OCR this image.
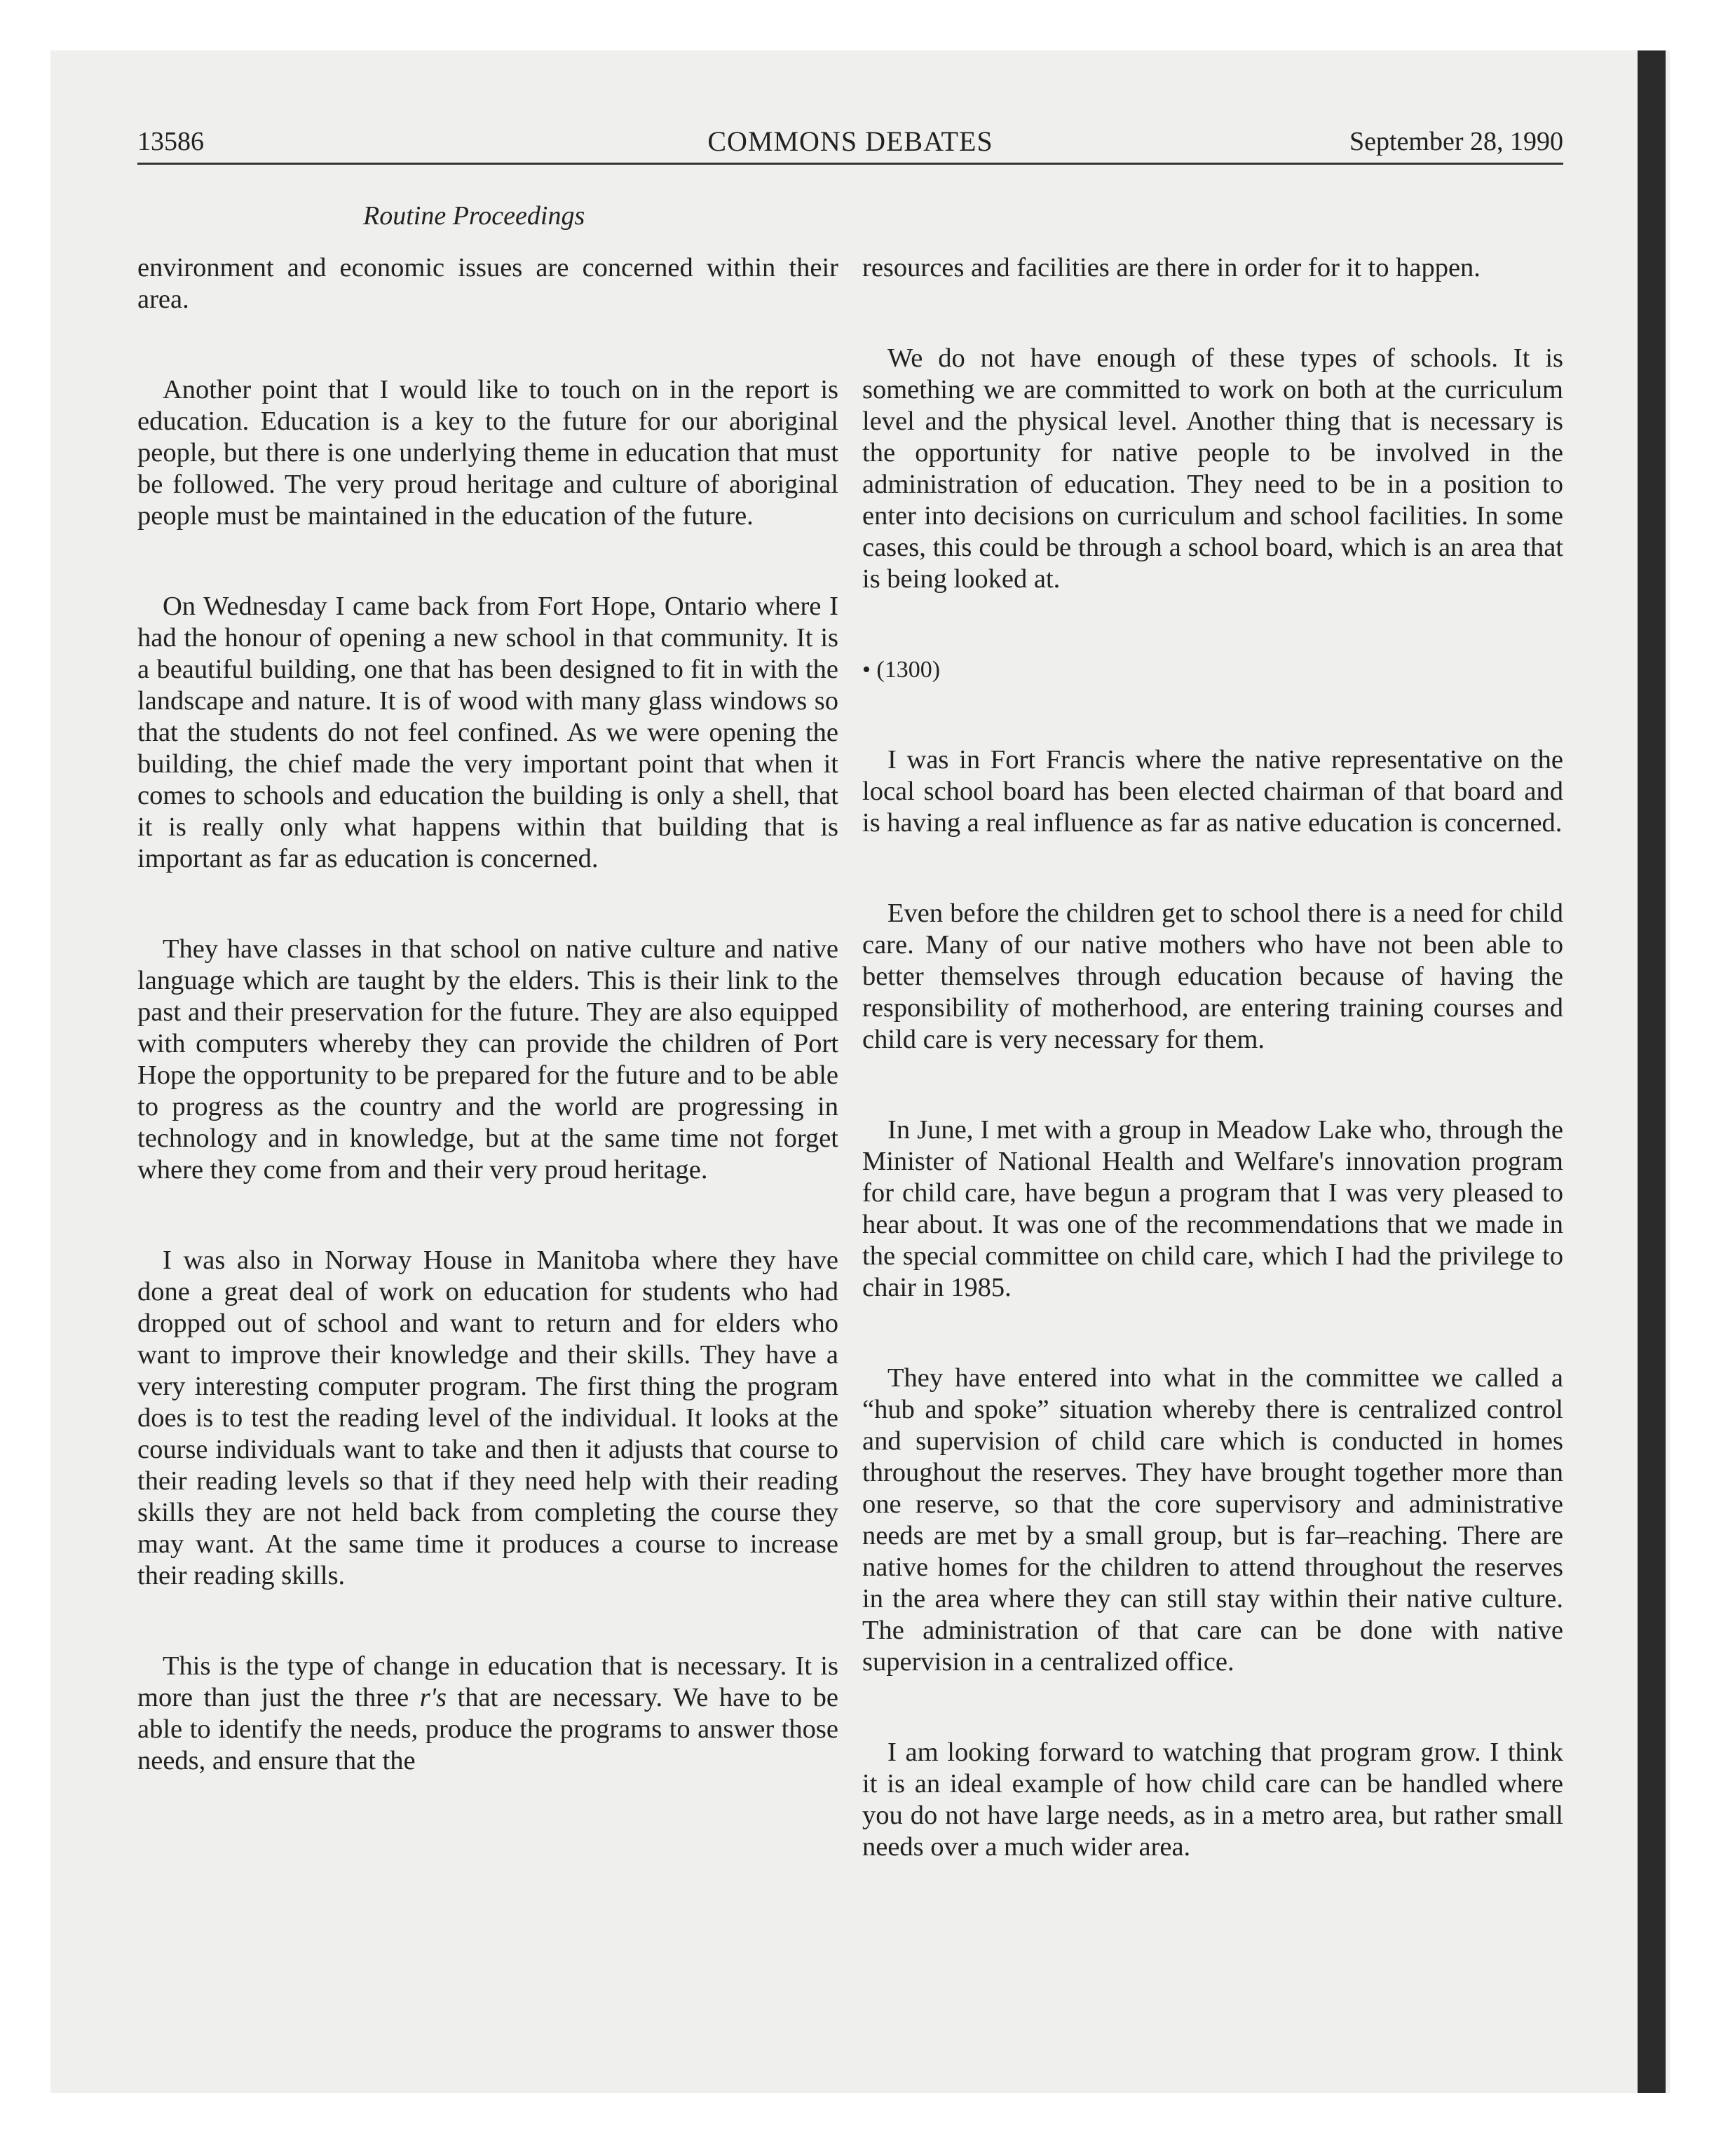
13586	COMMONS DEBATES	September 28, 1990
Routine Proceedings

environment and economic issues are concerned within their area.

Another point that I would like to touch on in the report is education. Education is a key to the future for our aboriginal people, but there is one underlying theme in education that must be followed. The very proud heritage and culture of aboriginal people must be maintained in the education of the future.

On Wednesday I came back from Fort Hope, Ontario where I had the honour of opening a new school in that community. It is a beautiful building, one that has been designed to fit in with the landscape and nature. It is of wood with many glass windows so that the students do not feel confined. As we were opening the building, the chief made the very important point that when it comes to schools and education the building is only a shell, that it is really only what happens within that building that is important as far as education is concerned.

They have classes in that school on native culture and native language which are taught by the elders. This is their link to the past and their preservation for the future. They are also equipped with computers whereby they can provide the children of Port Hope the opportunity to be prepared for the future and to be able to progress as the country and the world are progressing in technology and in knowledge, but at the same time not forget where they come from and their very proud heritage.

I was also in Norway House in Manitoba where they have done a great deal of work on education for students who had dropped out of school and want to return and for elders who want to improve their knowledge and their skills. They have a very interesting computer program. The first thing the program does is to test the reading level of the individual. It looks at the course individuals want to take and then it adjusts that course to their reading levels so that if they need help with their reading skills they are not held back from completing the course they may want. At the same time it produces a course to increase their reading skills.

This is the type of change in education that is necessary. It is more than just the three r's that are necessary. We have to be able to identify the needs, produce the programs to answer those needs, and ensure that the

resources and facilities are there in order for it to happen.

We do not have enough of these types of schools. It is something we are committed to work on both at the curriculum level and the physical level. Another thing that is necessary is the opportunity for native people to be involved in the administration of education. They need to be in a position to enter into decisions on curriculum and school facilities. In some cases, this could be through a school board, which is an area that is being looked at.

• (1300)

I was in Fort Francis where the native representative on the local school board has been elected chairman of that board and is having a real influence as far as native education is concerned.

Even before the children get to school there is a need for child care. Many of our native mothers who have not been able to better themselves through education because of having the responsibility of motherhood, are entering training courses and child care is very necessary for them.

In June, I met with a group in Meadow Lake who, through the Minister of National Health and Welfare's innovation program for child care, have begun a program that I was very pleased to hear about. It was one of the recommendations that we made in the special committee on child care, which I had the privilege to chair in 1985.

They have entered into what in the committee we called a “hub and spoke” situation whereby there is centralized control and supervision of child care which is conducted in homes throughout the reserves. They have brought together more than one reserve, so that the core supervisory and administrative needs are met by a small group, but is far–reaching. There are native homes for the children to attend throughout the reserves in the area where they can still stay within their native culture. The administration of that care can be done with native supervision in a centralized office.

I am looking forward to watching that program grow. I think it is an ideal example of how child care can be handled where you do not have large needs, as in a metro area, but rather small needs over a much wider area.
